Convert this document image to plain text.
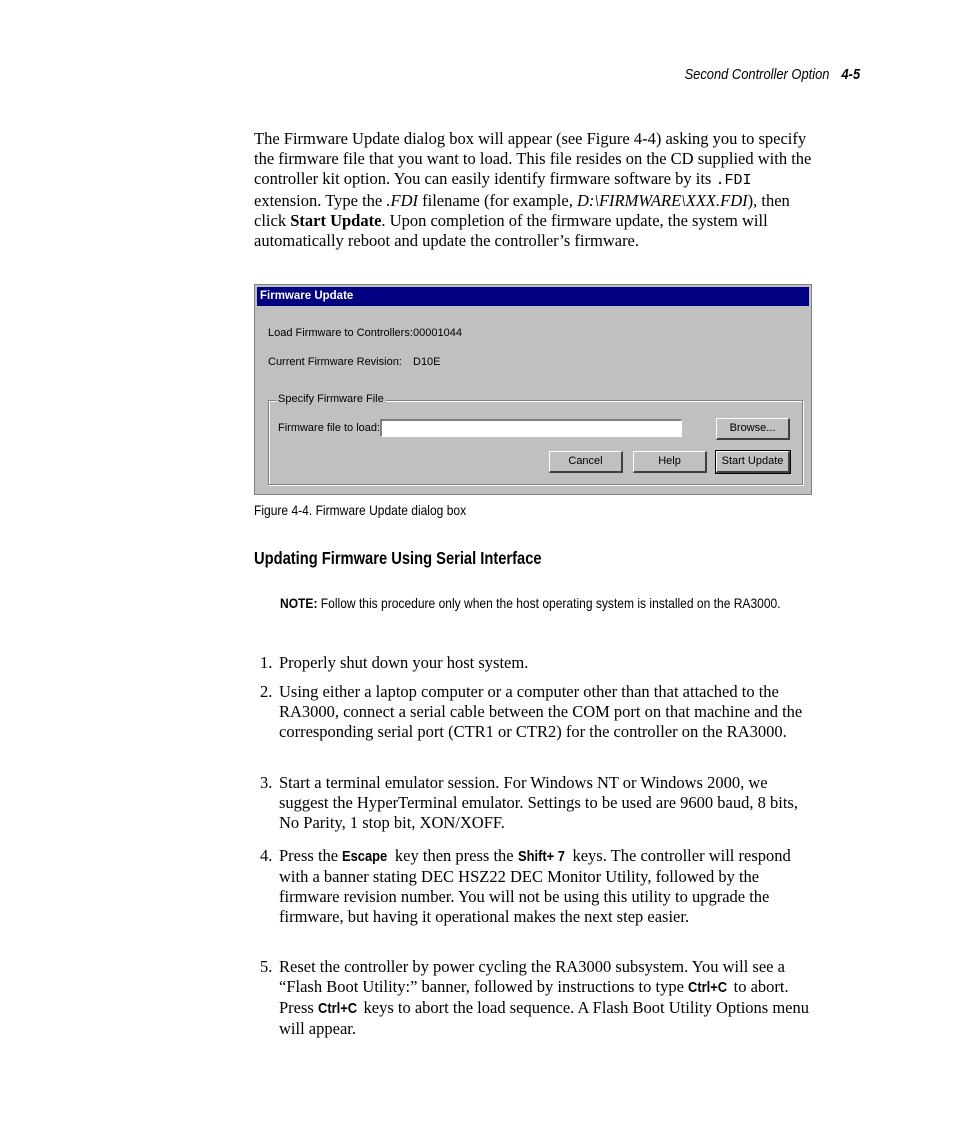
Second Controller Option 4-5
The Firmware Update dialog box will appear (see Figure 4-4) asking you to specify the firmware file that you want to load. This file resides on the CD supplied with the controller kit option. You can easily identify firmware software by its .FDI extension. Type the .FDI filename (for example, D:\FIRMWARE\XXX.FDI), then click Start Update. Upon completion of the firmware update, the system will automatically reboot and update the controller’s firmware.
Firmware Update
Load Firmware to Controllers: 00001044
Current Firmware Revision: D10E
Specify Firmware File
Firmware file to load:	Browse...
Cancel	Help	Start Update
Figure 4-4. Firmware Update dialog box
Updating Firmware Using Serial Interface
NOTE: Follow this procedure only when the host operating system is installed on the RA3000.
1. Properly shut down your host system.
2. Using either a laptop computer or a computer other than that attached to the RA3000, connect a serial cable between the COM port on that machine and the corresponding serial port (CTR1 or CTR2) for the controller on the RA3000.
3. Start a terminal emulator session. For Windows NT or Windows 2000, we suggest the HyperTerminal emulator. Settings to be used are 9600 baud, 8 bits, No Parity, 1 stop bit, XON/XOFF.
4. Press the Escape key then press the Shift+ 7 keys. The controller will respond with a banner stating DEC HSZ22 DEC Monitor Utility, followed by the firmware revision number. You will not be using this utility to upgrade the firmware, but having it operational makes the next step easier.
5. Reset the controller by power cycling the RA3000 subsystem. You will see a “Flash Boot Utility:” banner, followed by instructions to type Ctrl+C to abort. Press Ctrl+C keys to abort the load sequence. A Flash Boot Utility Options menu will appear.
